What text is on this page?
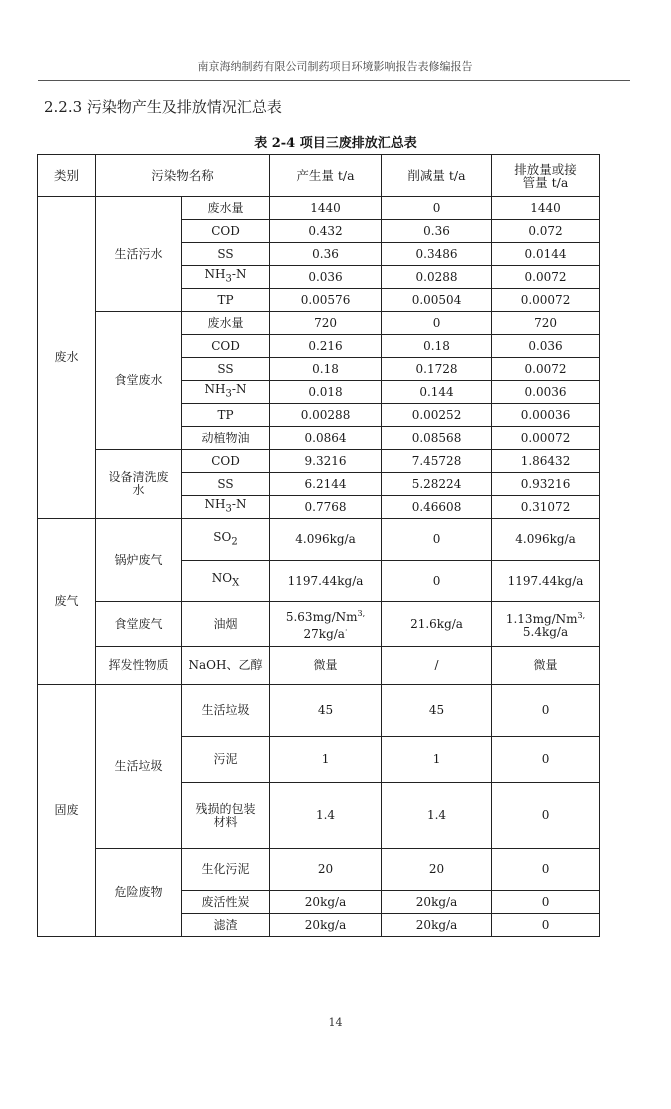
南京海纳制药有限公司制药项目环境影响报告表修编报告
2.2.3 污染物产生及排放情况汇总表
表 2-4 项目三废排放汇总表
类别	污染物名称		产生量 t/a	削减量 t/a	排放量或接
管量 t/a
废水	生活污水	废水量	1440	0	1440
		COD	0.432	0.36	0.072
		SS	0.36	0.3486	0.0144
		$NH_3-N$	0.036	0.0288	0.0072
		TP	0.00576	0.00504	0.00072
	食堂废水	废水量	720	0	720
		COD	0.216	0.18	0.036
		SS	0.18	0.1728	0.0072
		$NH_3-N$	0.018	0.144	0.0036
		TP	0.00288	0.00252	0.00036
		动植物油	0.0864	0.08568	0.00072
	设备清洗废
水	COD	9.3216	7.45728	1.86432
		SS	6.2144	5.28224	0.93216
		$NH_3-N$	0.7768	0.46608	0.31072
废气	锅炉废气	$SO_2$	4.096kg/a	0	4.096kg/a
		$NO_X$	1197.44kg/a	0	1197.44kg/a
	食堂废气	油烟	$5.63mg/Nm^{3,}$
27kg/a·	21.6kg/a	$1.13mg/Nm^{3,}$
5.4kg/a
	挥发性物质	NaOH、乙醇	微量	/	微量
固废	生活垃圾	生活垃圾	45	45	0
		污泥	1	1	0
		残损的包装
材料	1.4	1.4	0
	危险废物	生化污泥	20	20	0
		废活性炭	20kg/a	20kg/a	0
		滤渣	20kg/a	20kg/a	0
14
